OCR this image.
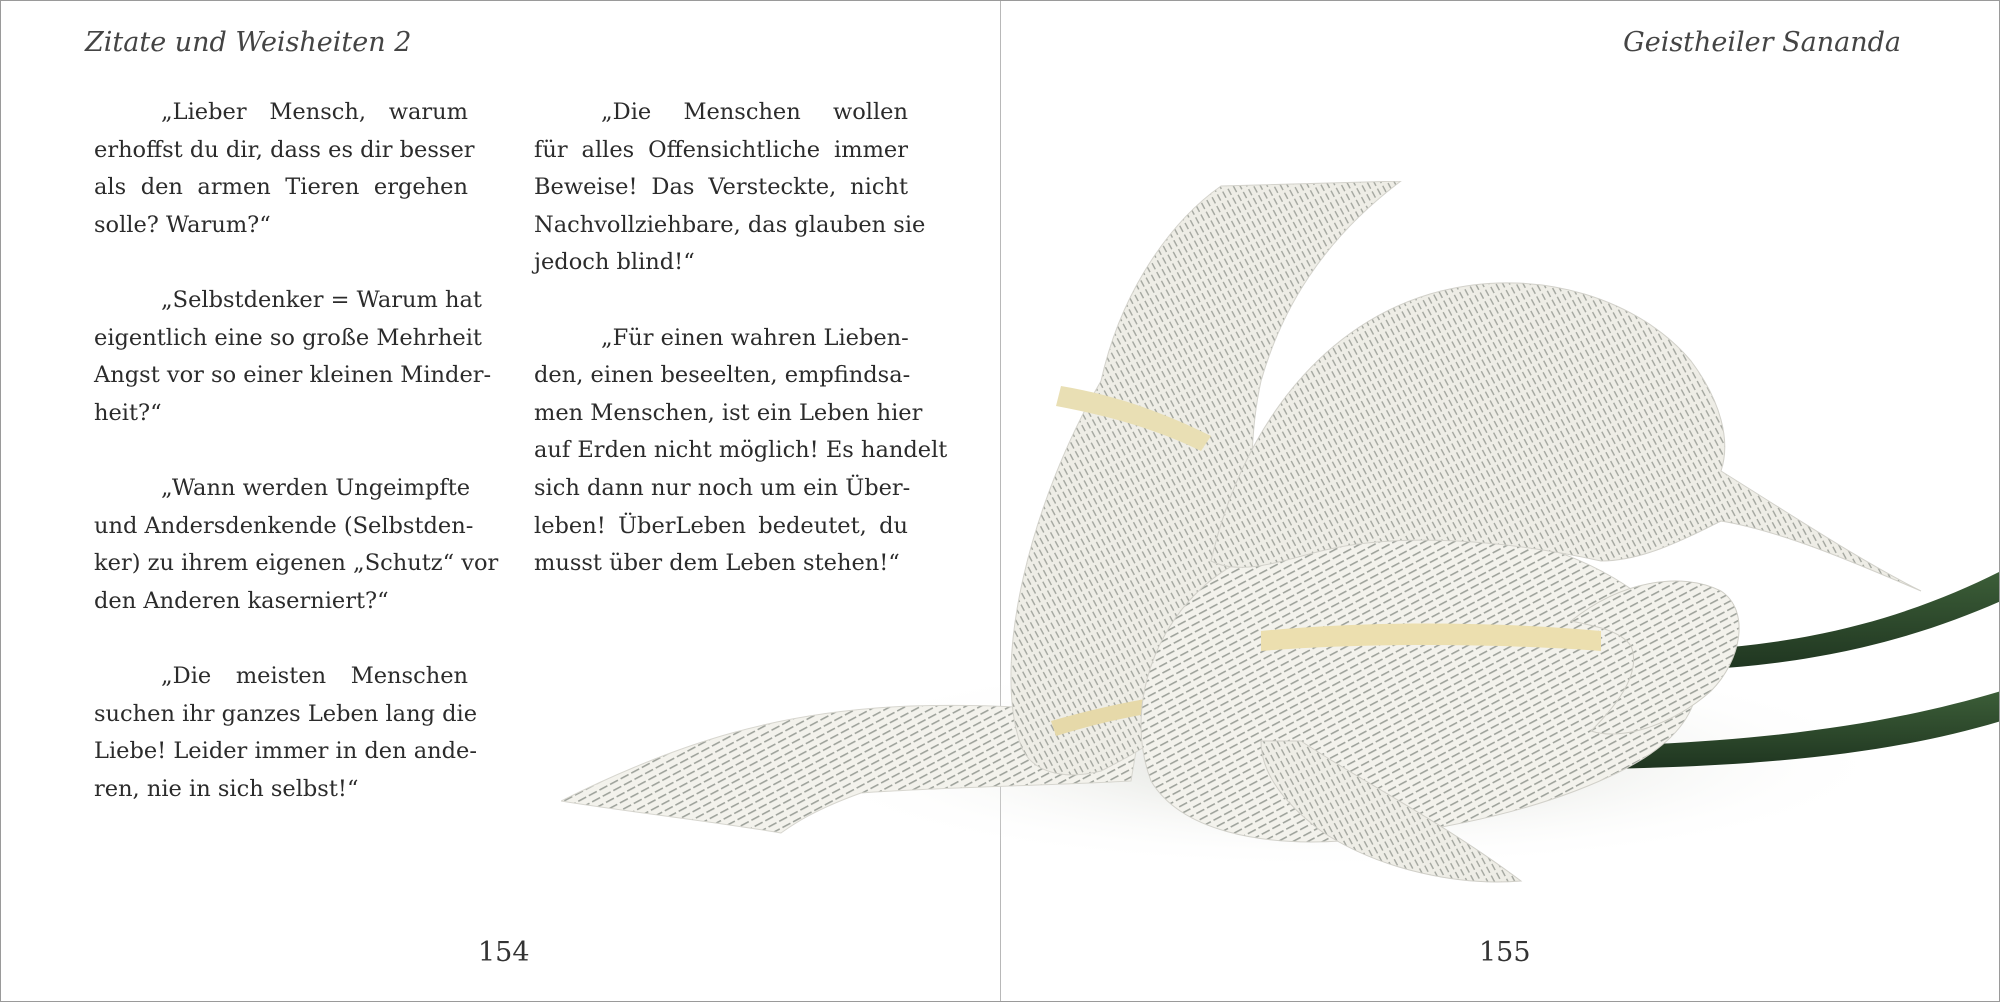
Zitate und Weisheiten 2
„Lieber Mensch, warum
erhoffst du dir, dass es dir besser
als den armen Tieren ergehen
solle? Warum?“
„Selbstdenker = Warum hat
eigentlich eine so große Mehrheit
Angst vor so einer kleinen Minder-
heit?“
„Wann werden Ungeimpfte
und Andersdenkende (Selbstden-
ker) zu ihrem eigenen „Schutz“ vor
den Anderen kaserniert?“
„Die meisten Menschen
suchen ihr ganzes Leben lang die
Liebe! Leider immer in den ande-
ren, nie in sich selbst!“
„Die Menschen wollen
für alles Offensichtliche immer
Beweise! Das Versteckte, nicht
Nachvollziehbare, das glauben sie
jedoch blind!“
„Für einen wahren Lieben-
den, einen beseelten, empfindsa-
men Menschen, ist ein Leben hier
auf Erden nicht möglich! Es handelt
sich dann nur noch um ein Über-
leben! ÜberLeben bedeutet, du
musst über dem Leben stehen!“
154
Geistheiler Sananda
155
